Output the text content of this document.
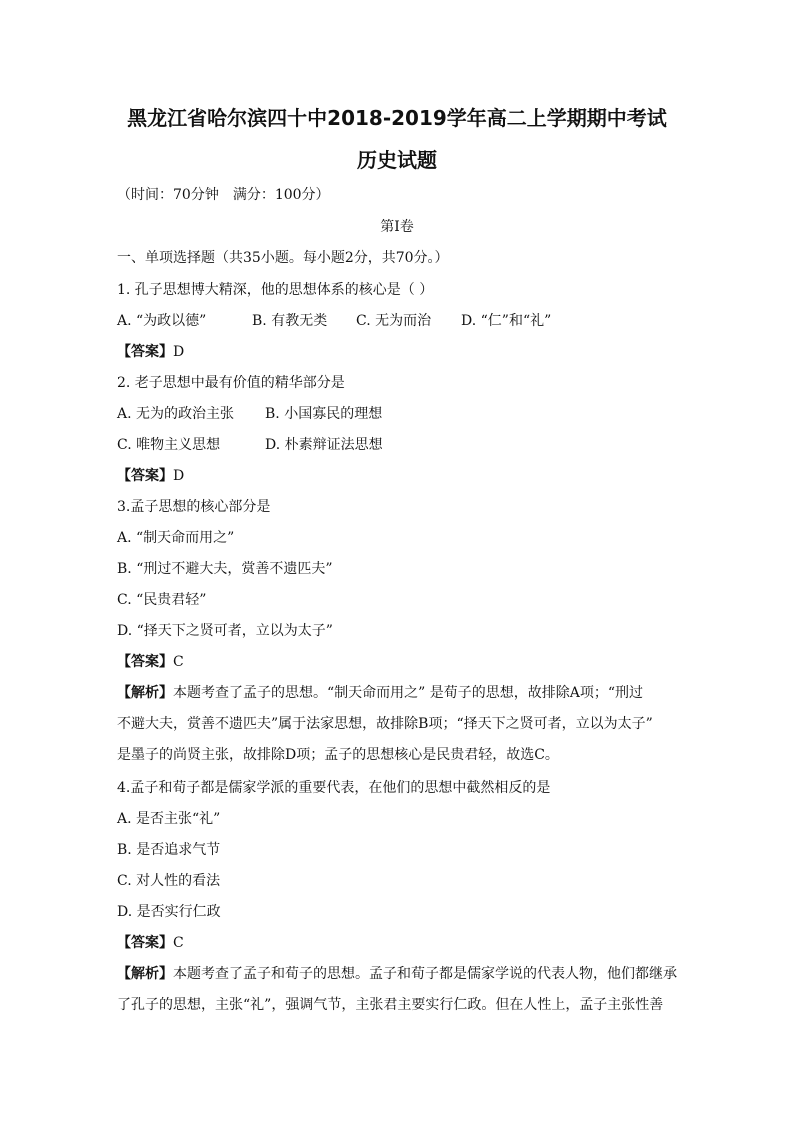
黑龙江省哈尔滨四十中2018-2019学年高二上学期期中考试
历史试题
（时间：70分钟　满分：100分）
第Ⅰ卷
一、单项选择题（共35小题。每小题2分，共70分。）
1. 孔子思想博大精深，他的思想体系的核心是（ ）
A. “为政以德”	B. 有教无类 C. 无为而治 D. “仁”和“礼”
【答案】D
2. 老子思想中最有价值的精华部分是
A. 无为的政治主张 B. 小国寡民的理想
C. 唯物主义思想	D. 朴素辩证法思想
【答案】D
3.孟子思想的核心部分是
A. “制天命而用之”
B. “刑过不避大夫，赏善不遗匹夫”
C. “民贵君轻”
D. “择天下之贤可者，立以为太子”
【答案】C
【解析】本题考查了孟子的思想。“制天命而用之” 是荀子的思想，故排除A项；“刑过
不避大夫，赏善不遗匹夫”属于法家思想，故排除B项；“择天下之贤可者，立以为太子”
是墨子的尚贤主张，故排除D项；孟子的思想核心是民贵君轻，故选C。
4.孟子和荀子都是儒家学派的重要代表，在他们的思想中截然相反的是
A. 是否主张“礼”
B. 是否追求气节
C. 对人性的看法
D. 是否实行仁政
【答案】C
【解析】本题考查了孟子和荀子的思想。孟子和荀子都是儒家学说的代表人物，他们都继承
了孔子的思想，主张“礼”，强调气节，主张君主要实行仁政。但在人性上，孟子主张性善
